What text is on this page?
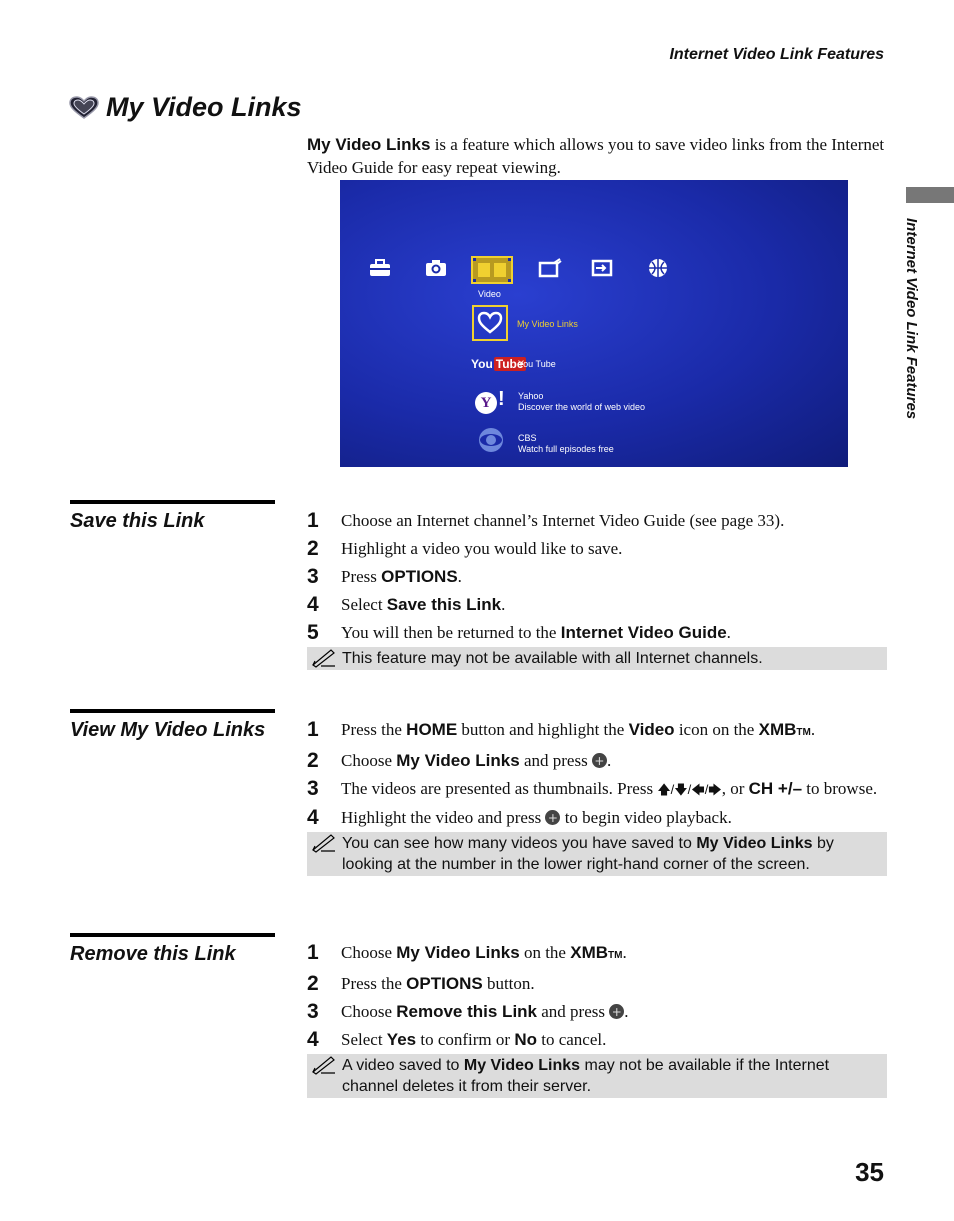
Internet Video Link Features
Internet Video Link Features
My Video Links
My Video Links is a feature which allows you to save video links from the Internet Video Guide for easy repeat viewing.
Video
My Video Links
You Tube
You Tube
Y ! Yahoo
Discover the world of web video
CBS
Watch full episodes free
Save this Link	1	Choose an Internet channel’s Internet Video Guide (see page 33).
2	Highlight a video you would like to save.
3	Press OPTIONS.
4	Select Save this Link.
5	You will then be returned to the Internet Video Guide.
This feature may not be available with all Internet channels.
View My Video Links	1	Press the HOME button and highlight the Video icon on the XMBTM.
2	Choose My Video Links and press +.
3	The videos are presented as thumbnails. Press 🡅/🡇/🡄/🡆, or CH +/– to browse.
4	Highlight the video and press + to begin video playback.
You can see how many videos you have saved to My Video Links by looking at the number in the lower right-hand corner of the screen.
Remove this Link	1	Choose My Video Links on the XMBTM.
2	Press the OPTIONS button.
3	Choose Remove this Link and press +.
4	Select Yes to confirm or No to cancel.
A video saved to My Video Links may not be available if the Internet channel deletes it from their server.
35
